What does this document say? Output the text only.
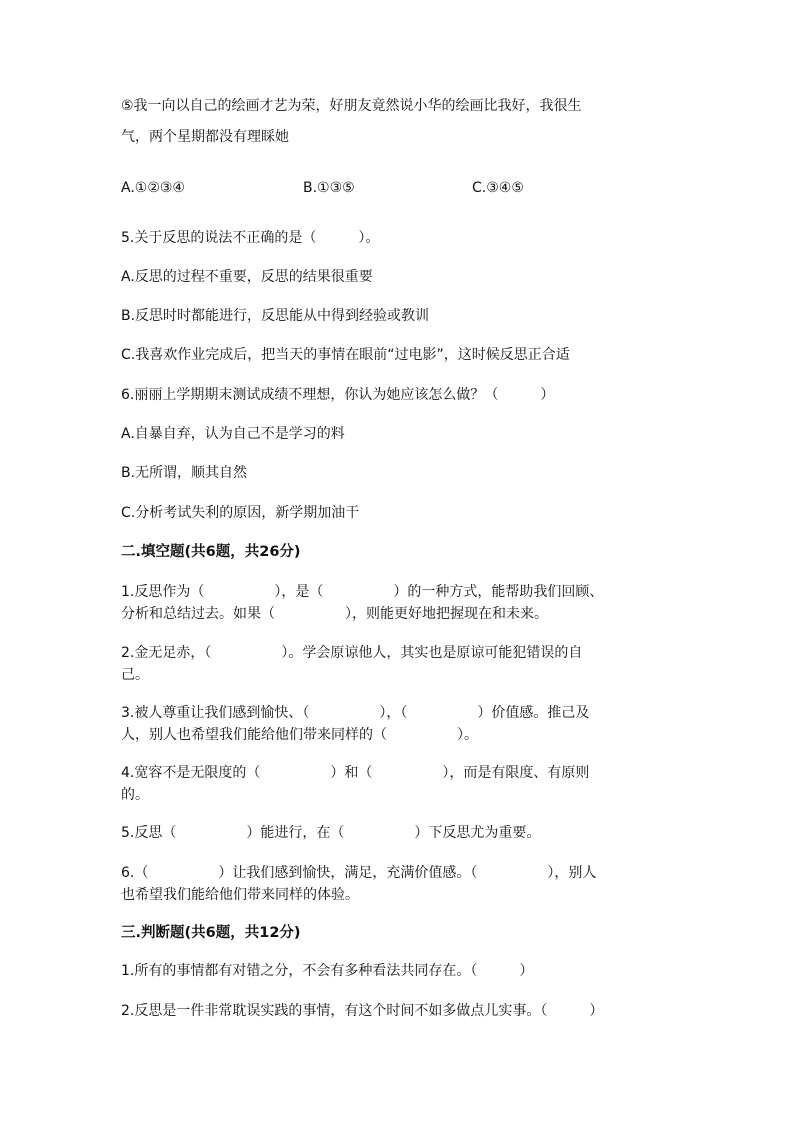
⑤我一向以自己的绘画才艺为荣，好朋友竟然说小华的绘画比我好，我很生
气，两个星期都没有理睬她
A.①②③④	B.①③⑤	C.③④⑤
5.关于反思的说法不正确的是（　　　）。
A.反思的过程不重要，反思的结果很重要
B.反思时时都能进行，反思能从中得到经验或教训
C.我喜欢作业完成后，把当天的事情在眼前“过电影”，这时候反思正合适
6.丽丽上学期期末测试成绩不理想，你认为她应该怎么做？（　　　）
A.自暴自弃，认为自己不是学习的料
B.无所谓，顺其自然
C.分析考试失利的原因，新学期加油干
二.填空题(共6题，共26分)
1.反思作为（　　　　　），是（　　　　　）的一种方式，能帮助我们回顾、
分析和总结过去。如果（　　　　　），则能更好地把握现在和未来。
2.金无足赤，（　　　　　）。学会原谅他人，其实也是原谅可能犯错误的自
己。
3.被人尊重让我们感到愉快、（　　　　　），（　　　　　）价值感。推己及
人，别人也希望我们能给他们带来同样的（　　　　　）。
4.宽容不是无限度的（　　　　　）和（　　　　　），而是有限度、有原则
的。
5.反思（　　　　　）能进行，在（　　　　　）下反思尤为重要。
6.（　　　　　）让我们感到愉快，满足，充满价值感。（　　　　　），别人
也希望我们能给他们带来同样的体验。
三.判断题(共6题，共12分)
1.所有的事情都有对错之分，不会有多种看法共同存在。（　　　）
2.反思是一件非常耽误实践的事情，有这个时间不如多做点儿实事。（　　　）
